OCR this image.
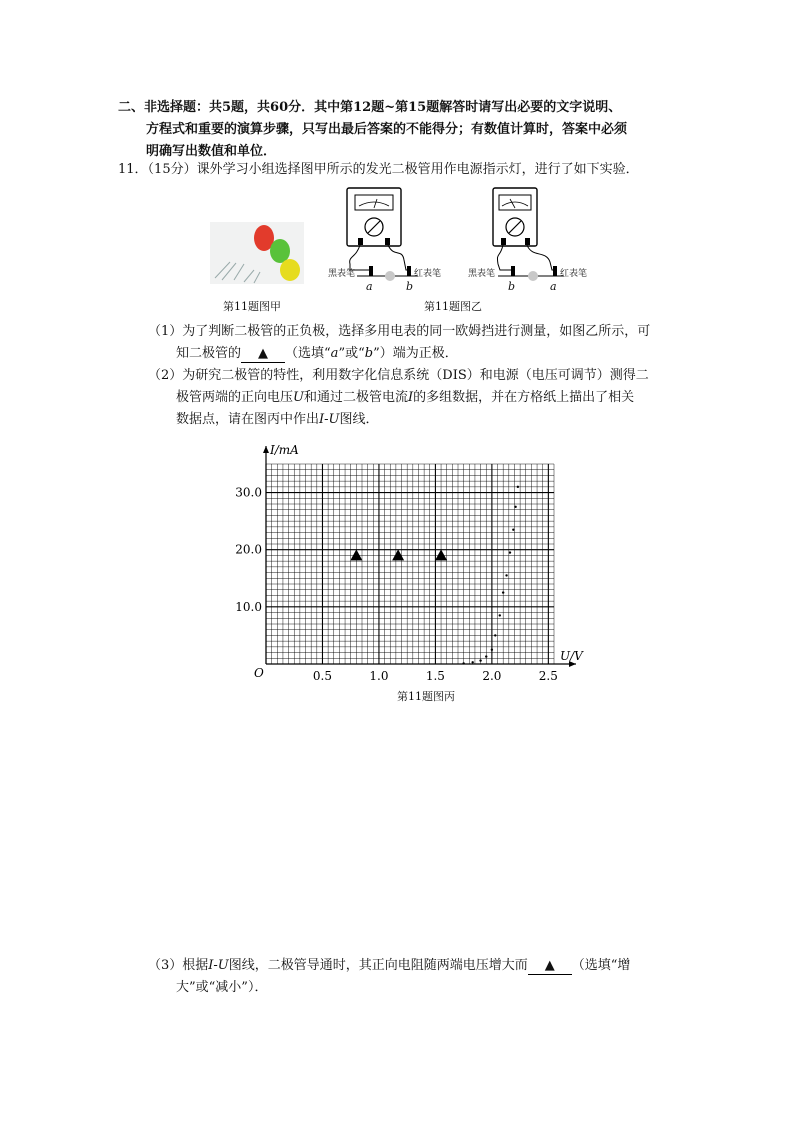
二、非选择题：共5题，共60分．其中第12题~第15题解答时请写出必要的文字说明、
方程式和重要的演算步骤，只写出最后答案的不能得分；有数值计算时，答案中必须
明确写出数值和单位．
11．（15分）课外学习小组选择图甲所示的发光二极管用作电源指示灯，进行了如下实验．
第11题图甲
黑表笔	红表笔
a	b
黑表笔	红表笔
b	a
第11题图乙
（1）为了判断二极管的正负极，选择多用电表的同一欧姆挡进行测量，如图乙所示，可
知二极管的 ▲ （选填“a”或“b”）端为正极．
（2）为研究二极管的特性，利用数字化信息系统（DIS）和电源（电压可调节）测得二
极管两端的正向电压U和通过二极管电流I的多组数据，并在方格纸上描出了相关
数据点，请在图丙中作出I-U图线．
U/V
I/mA
O	0.5	1.0	1.5	2.0	2.5
10.0
20.0
30.0
第11题图丙
（3）根据I-U图线，二极管导通时，其正向电阻随两端电压增大而 ▲ （选填“增
大”或“减小”）．
